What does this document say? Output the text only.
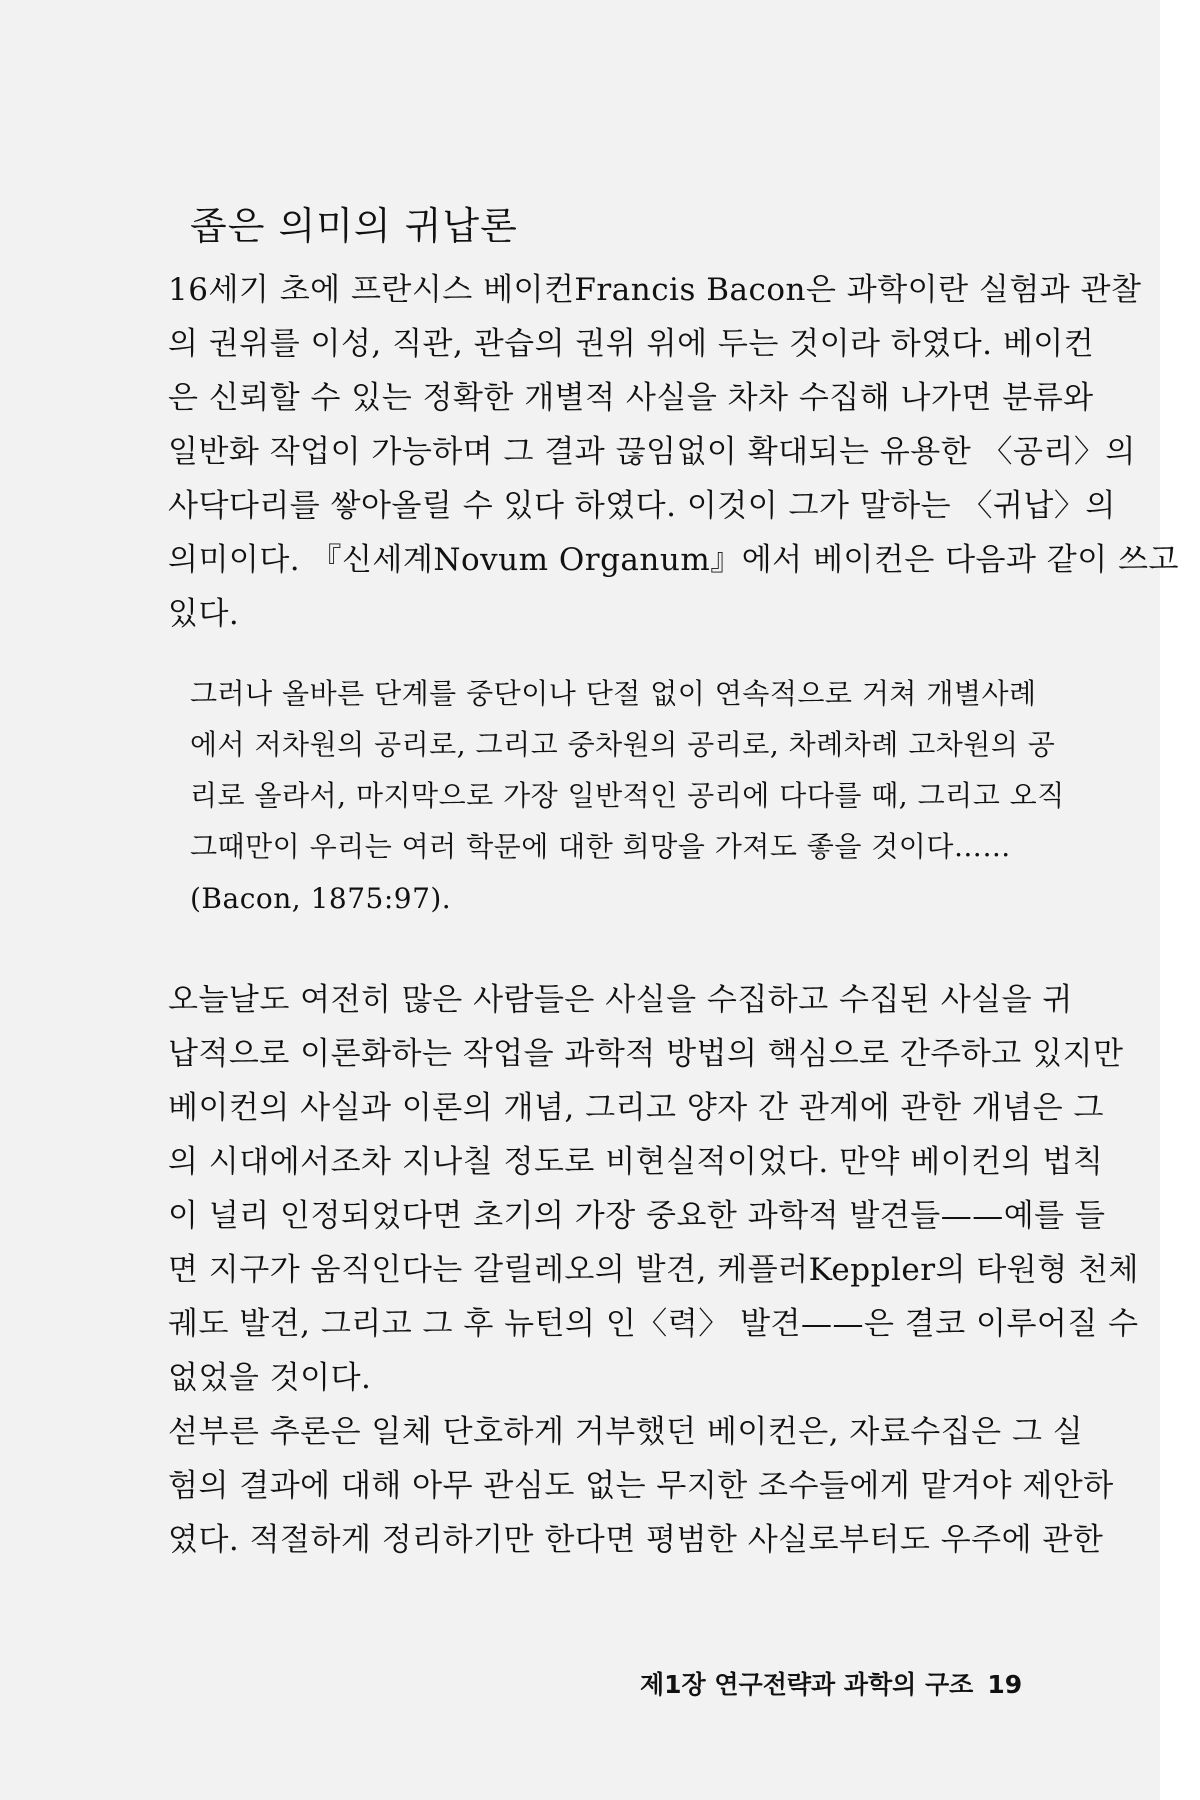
좁은 의미의 귀납론

16세기 초에 프란시스 베이컨Francis Bacon은 과학이란 실험과 관찰

의 권위를 이성, 직관, 관습의 권위 위에 두는 것이라 하였다. 베이컨

은 신뢰할 수 있는 정확한 개별적 사실을 차차 수집해 나가면 분류와

일반화 작업이 가능하며 그 결과 끊임없이 확대되는 유용한 〈공리〉의

사닥다리를 쌓아올릴 수 있다 하였다. 이것이 그가 말하는 〈귀납〉의

의미이다. 『신세계Novum Organum』에서 베이컨은 다음과 같이 쓰고

있다.

그러나 올바른 단계를 중단이나 단절 없이 연속적으로 거쳐 개별사례

에서 저차원의 공리로, 그리고 중차원의 공리로, 차례차례 고차원의 공

리로 올라서, 마지막으로 가장 일반적인 공리에 다다를 때, 그리고 오직

그때만이 우리는 여러 학문에 대한 희망을 가져도 좋을 것이다……

(Bacon, 1875:97).

오늘날도 여전히 많은 사람들은 사실을 수집하고 수집된 사실을 귀

납적으로 이론화하는 작업을 과학적 방법의 핵심으로 간주하고 있지만

베이컨의 사실과 이론의 개념, 그리고 양자 간 관계에 관한 개념은 그

의 시대에서조차 지나칠 정도로 비현실적이었다. 만약 베이컨의 법칙

이 널리 인정되었다면 초기의 가장 중요한 과학적 발견들——예를 들

면 지구가 움직인다는 갈릴레오의 발견, 케플러Keppler의 타원형 천체

궤도 발견, 그리고 그 후 뉴턴의 인〈력〉 발견——은 결코 이루어질 수

없었을 것이다.

섣부른 추론은 일체 단호하게 거부했던 베이컨은, 자료수집은 그 실

험의 결과에 대해 아무 관심도 없는 무지한 조수들에게 맡겨야 제안하

였다. 적절하게 정리하기만 한다면 평범한 사실로부터도 우주에 관한

제1장 연구전략과 과학의 구조 19
